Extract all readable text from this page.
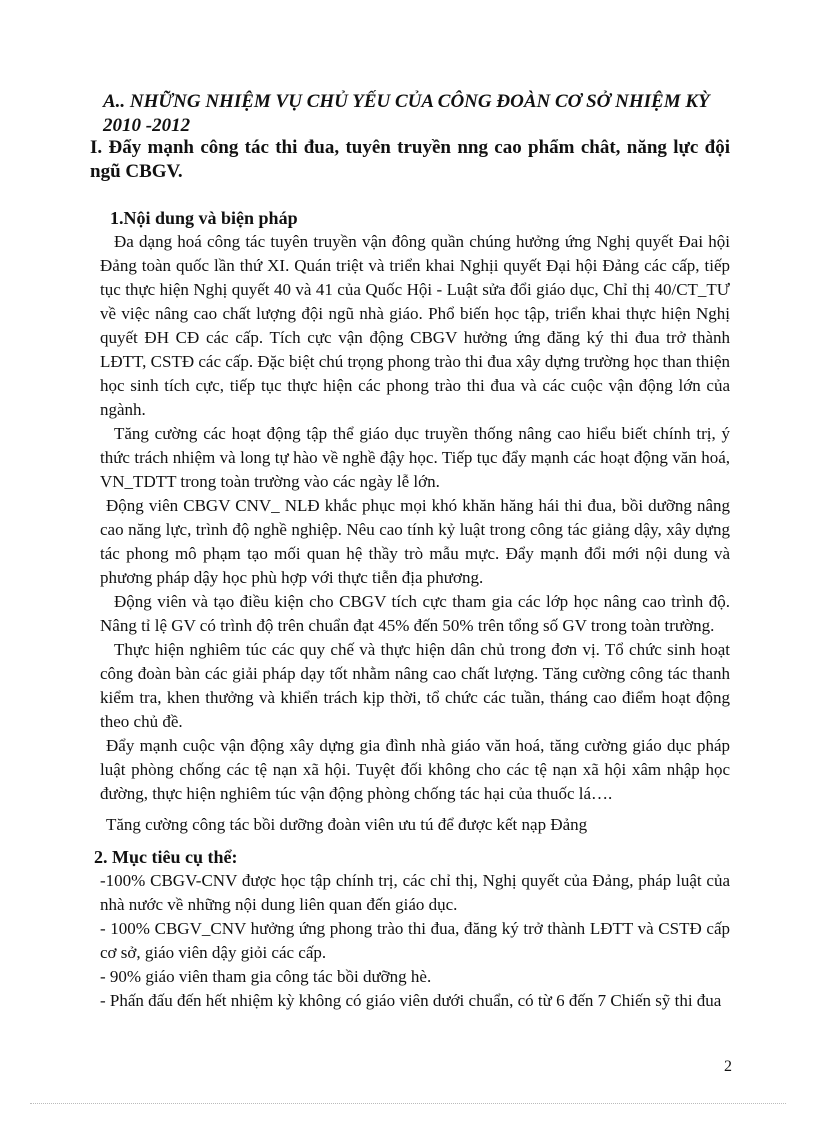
A.. NHỮNG NHIỆM VỤ CHỦ YẾU CỦA CÔNG ĐOÀN CƠ SỞ NHIỆM KỲ
2010 -2012
I. Đẩy mạnh công tác thi đua, tuyên truyền nng cao phẩm chât, năng lực đội ngũ CBGV.
1.Nội dung và biện pháp

Đa dạng hoá công tác tuyên truyền vận đông quần chúng hưởng ứng Nghị quyết Đai hội Đảng toàn quốc lần thứ XI. Quán triệt và triển khai Nghịi quyết Đại hội Đảng các cấp, tiếp tục thực hiện Nghị quyết 40 và 41 của Quốc Hội - Luật sửa đổi giáo dục, Chỉ thị 40/CT_TƯ về việc nâng cao chất lượng đội ngũ nhà giáo. Phổ biến học tập, triển khai thực hiện Nghị quyết ĐH CĐ các cấp. Tích cực vận động CBGV hưởng ứng đăng ký thi đua trở thành LĐTT, CSTĐ các cấp. Đặc biệt chú trọng phong trào thi đua xây dựng trường học than thiện học sinh tích cực, tiếp tục thực hiện các phong trào thi đua và các cuộc vận động lớn của ngành.

Tăng cường các hoạt động tập thể giáo dục truyền thống nâng cao hiểu biết chính trị, ý thức trách nhiệm và long tự hào về nghề đậy học. Tiếp tục đẩy mạnh các hoạt động văn hoá, VN_TDTT trong toàn trường vào các ngày lễ lớn.

Động viên CBGV CNV_ NLĐ khắc phục mọi khó khăn hăng hái thi đua, bồi dưỡng nâng cao năng lực, trình độ nghề nghiệp. Nêu cao tính kỷ luật trong công tác giảng dậy, xây dựng tác phong mô phạm tạo mối quan hệ thầy trò mẫu mực. Đẩy mạnh đổi mới nội dung và phương pháp dậy học phù hợp với thực tiễn địa phương.

Động viên và tạo điều kiện cho CBGV tích cực tham gia các lớp học nâng cao trình độ. Nâng tỉ lệ GV có trình độ trên chuẩn đạt 45% đến 50% trên tổng số GV trong toàn trường.

Thực hiện nghiêm túc các quy chế và thực hiện dân chủ trong đơn vị. Tổ chức sinh hoạt công đoàn bàn các giải pháp dạy tốt nhằm nâng cao chất lượng. Tăng cường công tác thanh kiểm tra, khen thưởng và khiển trách kịp thời, tổ chức các tuần, tháng cao điểm hoạt động theo chủ đề.

Đẩy mạnh cuộc vận động xây dựng gia đình nhà giáo văn hoá, tăng cường giáo dục pháp luật phòng chống các tệ nạn xã hội. Tuyệt đối không cho các tệ nạn xã hội xâm nhập học đường, thực hiện nghiêm túc vận động phòng chống tác hại của thuốc lá….

Tăng cường công tác bồi dưỡng đoàn viên ưu tú để được kết nạp Đảng

2. Mục tiêu cụ thể:

-100% CBGV-CNV được học tập chính trị, các chỉ thị, Nghị quyết của Đảng, pháp luật của nhà nước về những nội dung liên quan đến giáo dục.

- 100% CBGV_CNV hưởng ứng phong trào thi đua, đăng ký trở thành LĐTT và CSTĐ cấp cơ sở, giáo viên dậy giỏi các cấp.

- 90% giáo viên tham gia công tác bồi dưỡng hè.

- Phấn đấu đến hết nhiệm kỳ không có giáo viên dưới chuẩn, có từ 6 đến 7 Chiến sỹ thi đua

2
